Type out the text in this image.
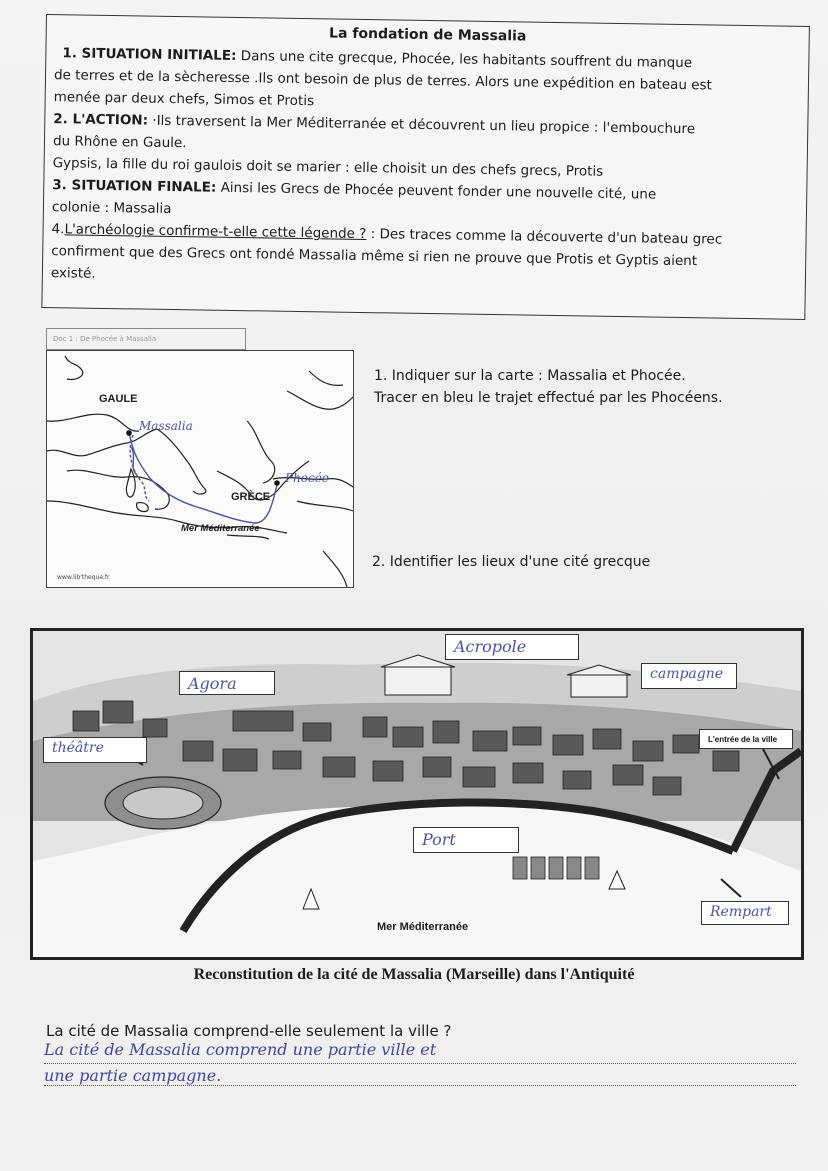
La fondation de Massalia
1. SITUATION INITIALE: Dans une cite grecque, Phocée, les habitants souffrent du manque
de terres et de la sècheresse .Ils ont besoin de plus de terres. Alors une expédition en bateau est
menée par deux chefs, Simos et Protis
2. L'ACTION: ·Ils traversent la Mer Méditerranée et découvrent un lieu propice : l'embouchure
du Rhône en Gaule.
Gypsis, la fille du roi gaulois doit se marier : elle choisit un des chefs grecs, Protis
3. SITUATION FINALE: Ainsi les Grecs de Phocée peuvent fonder une nouvelle cité, une
colonie : Massalia
4.L'archéologie confirme-t-elle cette légende ? : Des traces comme la découverte d'un bateau grec
confirment que des Grecs ont fondé Massalia même si rien ne prouve que Protis et Gyptis aient
existé.
Doc 1 : De Phocée à Massalia
GAULE
GRÈCE
Mer Méditerranée
Massalia
Phocée
www.lib'theque.fr
1. Indiquer sur la carte : Massalia et Phocée.
Tracer en bleu le trajet effectué par les Phocéens.
2. Identifier les lieux d'une cité grecque
Acropole
Agora	campagne
L'entrée de la ville
théâtre
Port
Rempart
Mer Méditerranée
Reconstitution de la cité de Massalia (Marseille) dans l'Antiquité
La cité de Massalia comprend-elle seulement la ville ?
La cité de Massalia comprend une partie ville et
une partie campagne.
